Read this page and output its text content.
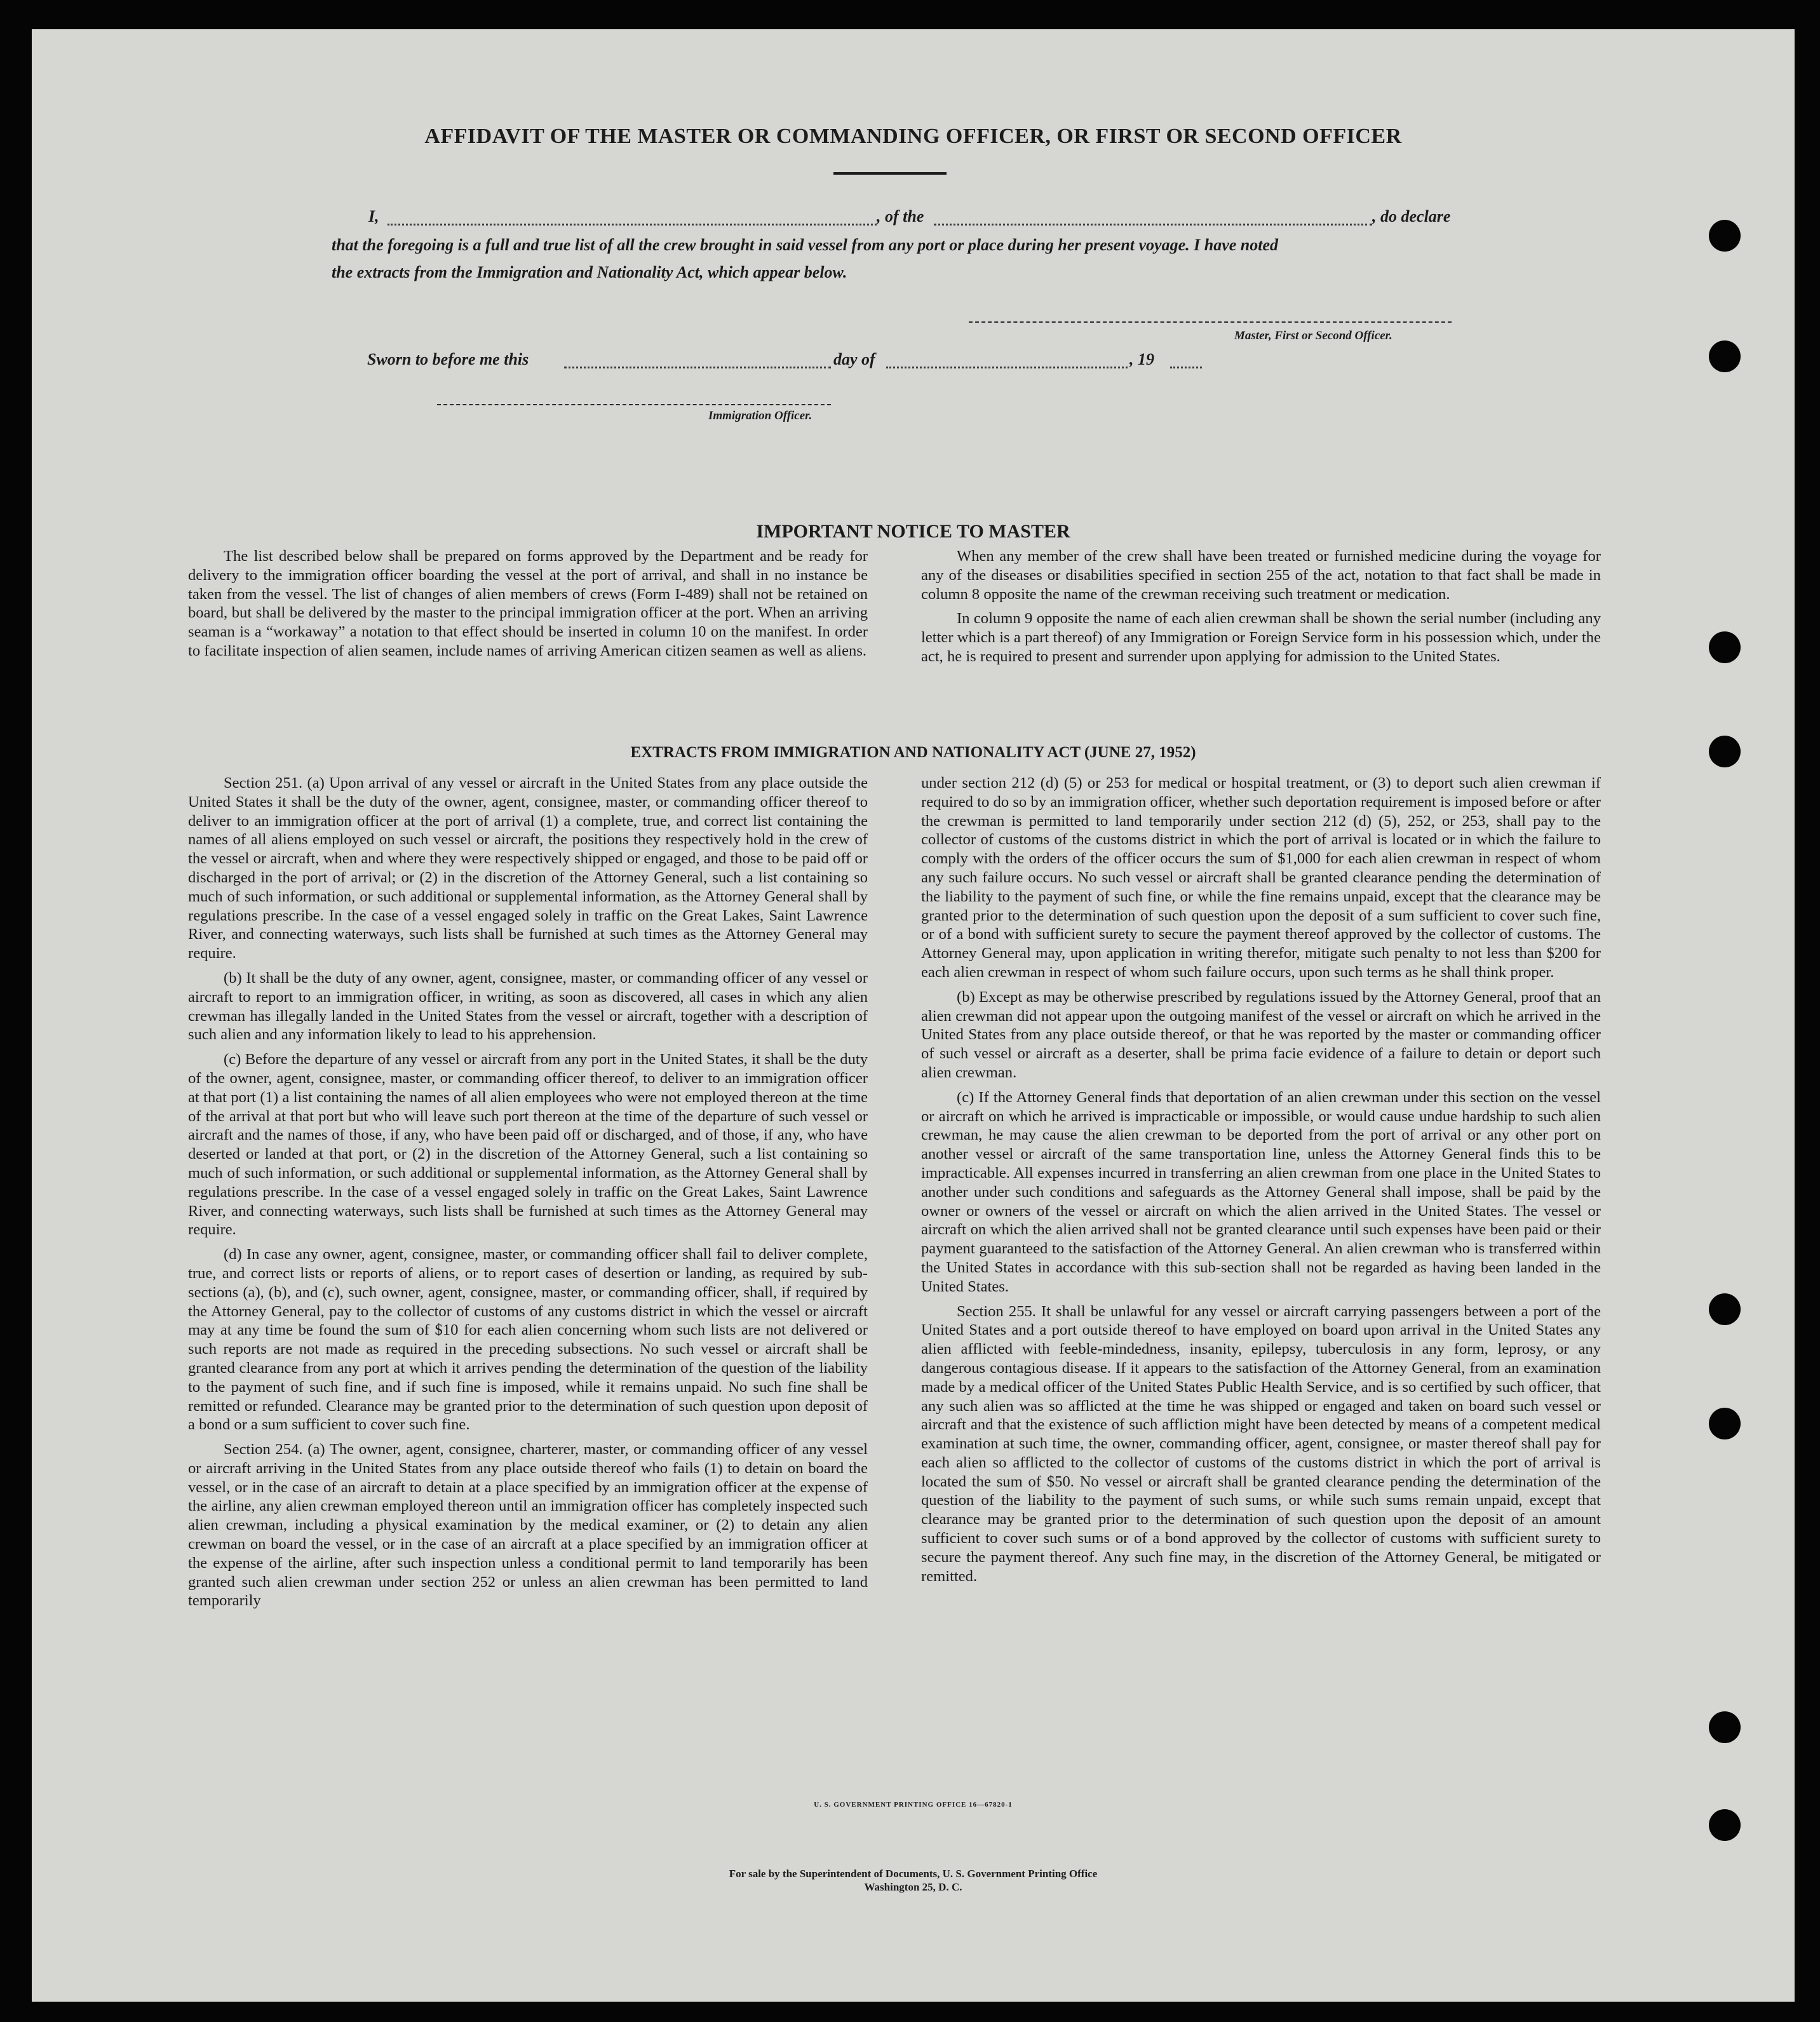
AFFIDAVIT OF THE MASTER OR COMMANDING OFFICER, OR FIRST OR SECOND OFFICER
I,	, of the	, do declare
that the foregoing is a full and true list of all the crew brought in said vessel from any port or place during her present voyage. I have noted
the extracts from the Immigration and Nationality Act, which appear below.
Master, First or Second Officer.
Sworn to before me this	day of	, 19
Immigration Officer.
IMPORTANT NOTICE TO MASTER

The list described below shall be prepared on forms approved by the Department and be ready for delivery to the immigration officer boarding the vessel at the port of arrival, and shall in no instance be taken from the vessel. The list of changes of alien members of crews (Form I-489) shall not be retained on board, but shall be delivered by the master to the principal immigration officer at the port. When an arriving seaman is a “workaway” a notation to that effect should be inserted in column 10 on the manifest. In order to facilitate inspection of alien seamen, include names of arriving American citizen seamen as well as aliens.

When any member of the crew shall have been treated or furnished medicine during the voyage for any of the diseases or disabilities specified in section 255 of the act, notation to that fact shall be made in column 8 opposite the name of the crewman receiving such treatment or medication.

In column 9 opposite the name of each alien crewman shall be shown the serial number (including any letter which is a part thereof) of any Immigration or Foreign Service form in his possession which, under the act, he is required to present and surrender upon applying for admission to the United States.

EXTRACTS FROM IMMIGRATION AND NATIONALITY ACT (JUNE 27, 1952)

Section 251. (a) Upon arrival of any vessel or aircraft in the United States from any place outside the United States it shall be the duty of the owner, agent, consignee, master, or commanding officer thereof to deliver to an immigration officer at the port of arrival (1) a complete, true, and correct list containing the names of all aliens employed on such vessel or aircraft, the positions they respectively hold in the crew of the vessel or aircraft, when and where they were respectively shipped or engaged, and those to be paid off or discharged in the port of arrival; or (2) in the discretion of the Attorney General, such a list containing so much of such information, or such additional or supplemental information, as the Attorney General shall by regulations prescribe. In the case of a vessel engaged solely in traffic on the Great Lakes, Saint Lawrence River, and connecting waterways, such lists shall be furnished at such times as the Attorney General may require.

(b) It shall be the duty of any owner, agent, consignee, master, or commanding officer of any vessel or aircraft to report to an immigration officer, in writing, as soon as discovered, all cases in which any alien crewman has illegally landed in the United States from the vessel or aircraft, together with a description of such alien and any information likely to lead to his apprehension.

(c) Before the departure of any vessel or aircraft from any port in the United States, it shall be the duty of the owner, agent, consignee, master, or commanding officer thereof, to deliver to an immigration officer at that port (1) a list containing the names of all alien employees who were not employed thereon at the time of the arrival at that port but who will leave such port thereon at the time of the departure of such vessel or aircraft and the names of those, if any, who have been paid off or discharged, and of those, if any, who have deserted or landed at that port, or (2) in the discretion of the Attorney General, such a list containing so much of such information, or such additional or supplemental information, as the Attorney General shall by regulations prescribe. In the case of a vessel engaged solely in traffic on the Great Lakes, Saint Lawrence River, and connecting waterways, such lists shall be furnished at such times as the Attorney General may require.

(d) In case any owner, agent, consignee, master, or commanding officer shall fail to deliver complete, true, and correct lists or reports of aliens, or to report cases of desertion or landing, as required by sub-sections (a), (b), and (c), such owner, agent, consignee, master, or commanding officer, shall, if required by the Attorney General, pay to the collector of customs of any customs district in which the vessel or aircraft may at any time be found the sum of $10 for each alien concerning whom such lists are not delivered or such reports are not made as required in the preceding subsections. No such vessel or aircraft shall be granted clearance from any port at which it arrives pending the determination of the question of the liability to the payment of such fine, and if such fine is imposed, while it remains unpaid. No such fine shall be remitted or refunded. Clearance may be granted prior to the determination of such question upon deposit of a bond or a sum sufficient to cover such fine.

Section 254. (a) The owner, agent, consignee, charterer, master, or commanding officer of any vessel or aircraft arriving in the United States from any place outside thereof who fails (1) to detain on board the vessel, or in the case of an aircraft to detain at a place specified by an immigration officer at the expense of the airline, any alien crewman employed thereon until an immigration officer has completely inspected such alien crewman, including a physical examination by the medical examiner, or (2) to detain any alien crewman on board the vessel, or in the case of an aircraft at a place specified by an immigration officer at the expense of the airline, after such inspection unless a conditional permit to land temporarily has been granted such alien crewman under section 252 or unless an alien crewman has been permitted to land temporarily

under section 212 (d) (5) or 253 for medical or hospital treatment, or (3) to deport such alien crewman if required to do so by an immigration officer, whether such deportation requirement is imposed before or after the crewman is permitted to land temporarily under section 212 (d) (5), 252, or 253, shall pay to the collector of customs of the customs district in which the port of arrival is located or in which the failure to comply with the orders of the officer occurs the sum of $1,000 for each alien crewman in respect of whom any such failure occurs. No such vessel or aircraft shall be granted clearance pending the determination of the liability to the payment of such fine, or while the fine remains unpaid, except that the clearance may be granted prior to the determination of such question upon the deposit of a sum sufficient to cover such fine, or of a bond with sufficient surety to secure the payment thereof approved by the collector of customs. The Attorney General may, upon application in writing therefor, mitigate such penalty to not less than $200 for each alien crewman in respect of whom such failure occurs, upon such terms as he shall think proper.

(b) Except as may be otherwise prescribed by regulations issued by the Attorney General, proof that an alien crewman did not appear upon the outgoing manifest of the vessel or aircraft on which he arrived in the United States from any place outside thereof, or that he was reported by the master or commanding officer of such vessel or aircraft as a deserter, shall be prima facie evidence of a failure to detain or deport such alien crewman.

(c) If the Attorney General finds that deportation of an alien crewman under this section on the vessel or aircraft on which he arrived is impracticable or impossible, or would cause undue hardship to such alien crewman, he may cause the alien crewman to be deported from the port of arrival or any other port on another vessel or aircraft of the same transportation line, unless the Attorney General finds this to be impracticable. All expenses incurred in transferring an alien crewman from one place in the United States to another under such conditions and safeguards as the Attorney General shall impose, shall be paid by the owner or owners of the vessel or aircraft on which the alien arrived in the United States. The vessel or aircraft on which the alien arrived shall not be granted clearance until such expenses have been paid or their payment guaranteed to the satisfaction of the Attorney General. An alien crewman who is transferred within the United States in accordance with this sub-section shall not be regarded as having been landed in the United States.

Section 255. It shall be unlawful for any vessel or aircraft carrying passengers between a port of the United States and a port outside thereof to have employed on board upon arrival in the United States any alien afflicted with feeble-mindedness, insanity, epilepsy, tuberculosis in any form, leprosy, or any dangerous contagious disease. If it appears to the satisfaction of the Attorney General, from an examination made by a medical officer of the United States Public Health Service, and is so certified by such officer, that any such alien was so afflicted at the time he was shipped or engaged and taken on board such vessel or aircraft and that the existence of such affliction might have been detected by means of a competent medical examination at such time, the owner, commanding officer, agent, consignee, or master thereof shall pay for each alien so afflicted to the collector of customs of the customs district in which the port of arrival is located the sum of $50. No vessel or aircraft shall be granted clearance pending the determination of the question of the liability to the payment of such sums, or while such sums remain unpaid, except that clearance may be granted prior to the determination of such question upon the deposit of an amount sufficient to cover such sums or of a bond approved by the collector of customs with sufficient surety to secure the payment thereof. Any such fine may, in the discretion of the Attorney General, be mitigated or remitted.

U. S. GOVERNMENT PRINTING OFFICE 16—67820-1
For sale by the Superintendent of Documents, U. S. Government Printing Office
Washington 25, D. C.
